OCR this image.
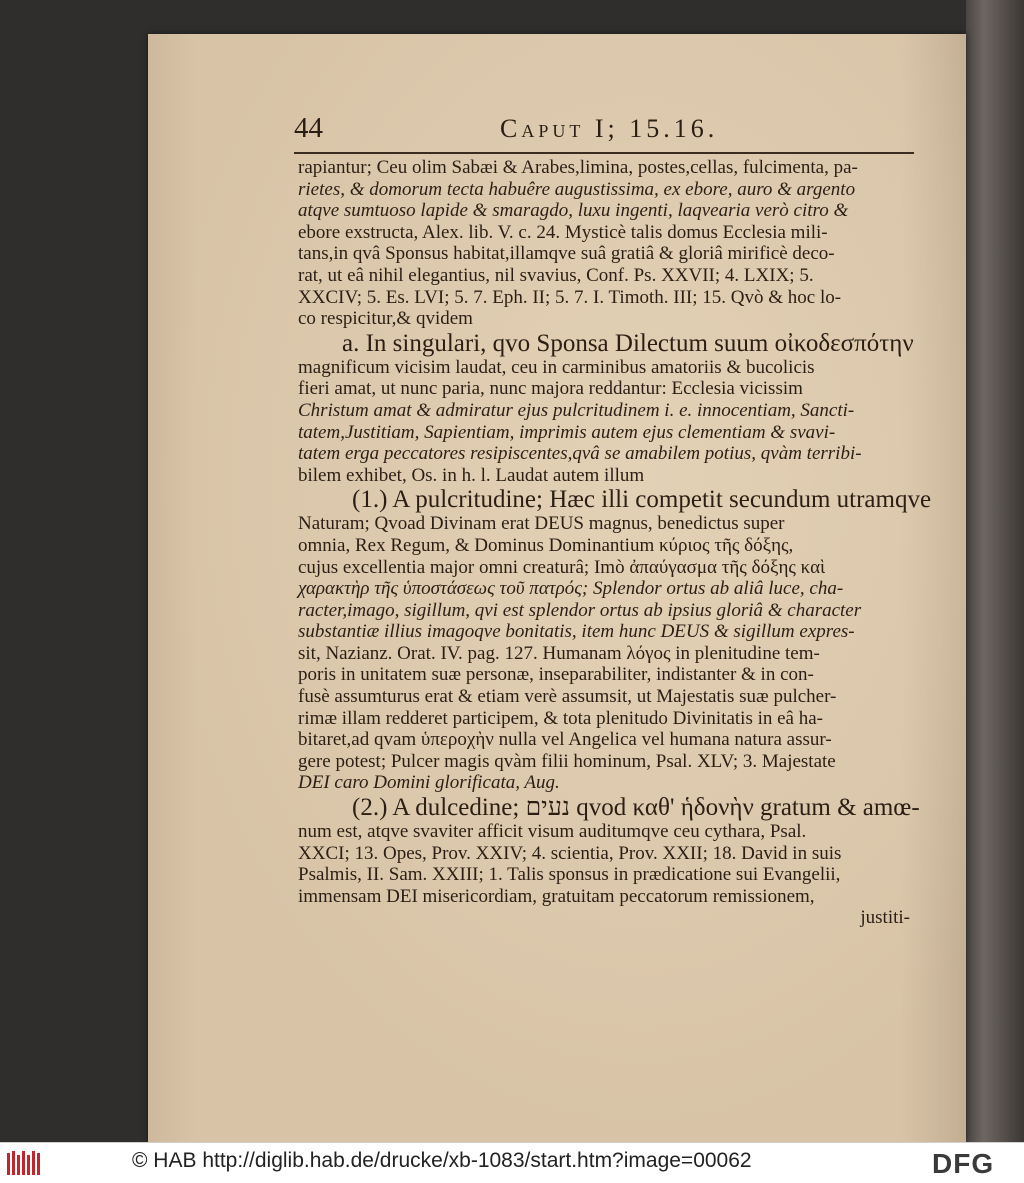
44	Caput I; 15.16.
rapiantur; Ceu olim Sabæi & Arabes,limina, postes,cellas, fulcimenta, pa-
rietes, & domorum tecta habuêre augustissima, ex ebore, auro & argento
atqve sumtuoso lapide & smaragdo, luxu ingenti, laqvearia verò citro &
ebore exstructa, Alex. lib. V. c. 24. Mysticè talis domus Ecclesia mili-
tans,in qvâ Sponsus habitat,illamqve suâ gratiâ & gloriâ mirificè deco-
rat, ut eâ nihil elegantius, nil svavius, Conf. Ps. XXVII; 4. LXIX; 5.
XXCIV; 5. Es. LVI; 5. 7. Eph. II; 5. 7. I. Timoth. III; 15. Qvò & hoc lo-
co respicitur,& qvidem
a. In singulari, qvo Sponsa Dilectum suum οἰκοδεσπότην
magnificum vicisim laudat, ceu in carminibus amatoriis & bucolicis
fieri amat, ut nunc paria, nunc majora reddantur: Ecclesia vicissim
Christum amat & admiratur ejus pulcritudinem i. e. innocentiam, Sancti-
tatem,Justitiam, Sapientiam, imprimis autem ejus clementiam & svavi-
tatem erga peccatores resipiscentes,qvâ se amabilem potius, qvàm terribi-
bilem exhibet, Os. in h. l. Laudat autem illum
(1.) A pulcritudine; Hæc illi competit secundum utramqve
Naturam; Qvoad Divinam erat DEUS magnus, benedictus super
omnia, Rex Regum, & Dominus Dominantium κύριος τῆς δόξης,
cujus excellentia major omni creaturâ; Imò ἀπαύγασμα τῆς δόξης καὶ
χαρακτὴρ τῆς ὑποστάσεως τοῦ πατρός; Splendor ortus ab aliâ luce, cha-
racter,imago, sigillum, qvi est splendor ortus ab ipsius gloriâ & character
substantiæ illius imagoqve bonitatis, item hunc DEUS & sigillum expres-
sit, Nazianz. Orat. IV. pag. 127. Humanam λόγος in plenitudine tem-
poris in unitatem suæ personæ, inseparabiliter, indistanter & in con-
fusè assumturus erat & etiam verè assumsit, ut Majestatis suæ pulcher-
rimæ illam redderet participem, & tota plenitudo Divinitatis in eâ ha-
bitaret,ad qvam ὑπεροχὴν nulla vel Angelica vel humana natura assur-
gere potest; Pulcer magis qvàm filii hominum, Psal. XLV; 3. Majestate
DEI caro Domini glorificata, Aug.
(2.) A dulcedine; נעים qvod καθ' ἡδονὴν gratum & amœ-
num est, atqve svaviter afficit visum auditumqve ceu cythara, Psal.
XXCI; 13. Opes, Prov. XXIV; 4. scientia, Prov. XXII; 18. David in suis
Psalmis, II. Sam. XXIII; 1. Talis sponsus in prædicatione sui Evangelii,
immensam DEI misericordiam, gratuitam peccatorum remissionem,
justiti-
© HAB http://diglib.hab.de/drucke/xb-1083/start.htm?image=00062	DFG
